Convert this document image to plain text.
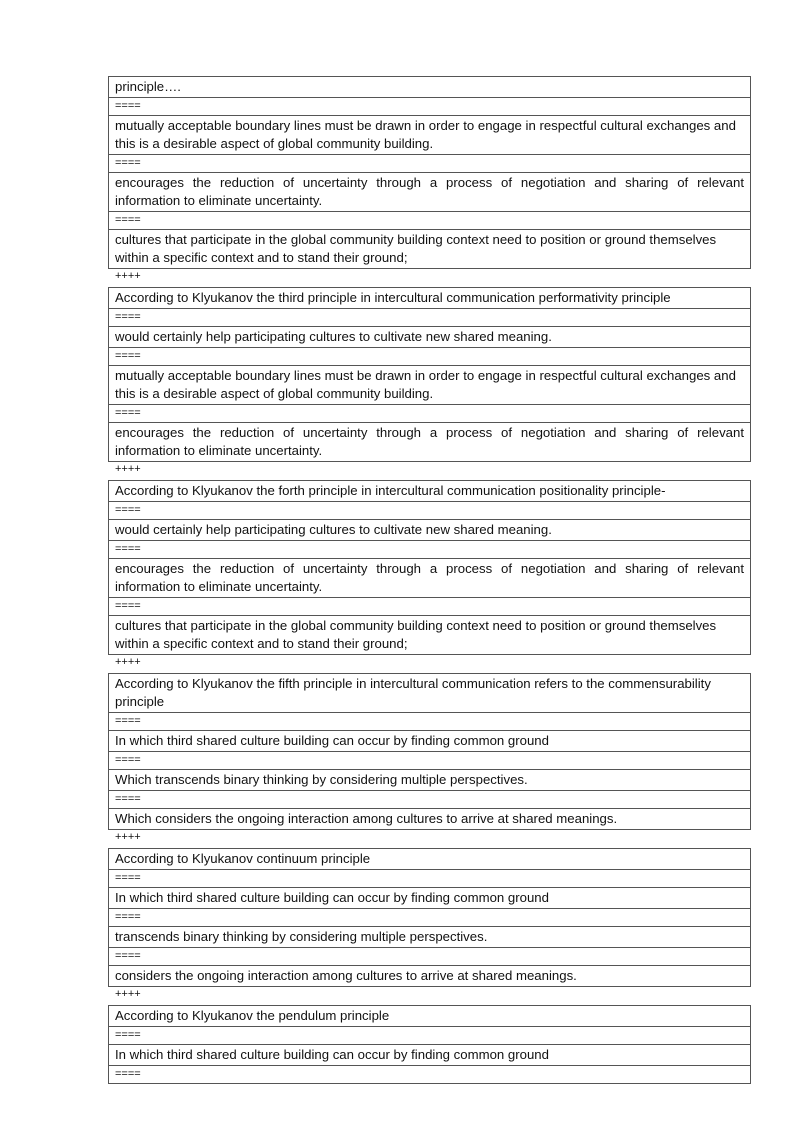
principle….
====
mutually acceptable boundary lines must be drawn in order to engage in respectful cultural exchanges and this is a desirable aspect of global community building.
====
encourages the reduction of uncertainty through a process of negotiation and sharing of relevant information to eliminate uncertainty.
====
cultures that participate in the global community building context need to position or ground themselves within a specific context and to stand their ground;
++++
According to Klyukanov the third principle in intercultural communication performativity principle
====
would certainly help participating cultures to cultivate new shared meaning.
====
mutually acceptable boundary lines must be drawn in order to engage in respectful cultural exchanges and this is a desirable aspect of global community building.
====
encourages the reduction of uncertainty through a process of negotiation and sharing of relevant information to eliminate uncertainty.
++++
According to Klyukanov the forth principle in intercultural communication positionality principle-
====
would certainly help participating cultures to cultivate new shared meaning.
====
encourages the reduction of uncertainty through a process of negotiation and sharing of relevant information to eliminate uncertainty.
====
cultures that participate in the global community building context need to position or ground themselves within a specific context and to stand their ground;
++++
According to Klyukanov the fifth principle in intercultural communication refers to the commensurability principle
====
In which third shared culture building can occur by finding common ground
====
Which transcends binary thinking by considering multiple perspectives.
====
Which considers the ongoing interaction among cultures to arrive at shared meanings.
++++
According to Klyukanov continuum principle
====
In which third shared culture building can occur by finding common ground
====
transcends binary thinking by considering multiple perspectives.
====
considers the ongoing interaction among cultures to arrive at shared meanings.
++++
According to Klyukanov the pendulum principle
====
In which third shared culture building can occur by finding common ground
====
